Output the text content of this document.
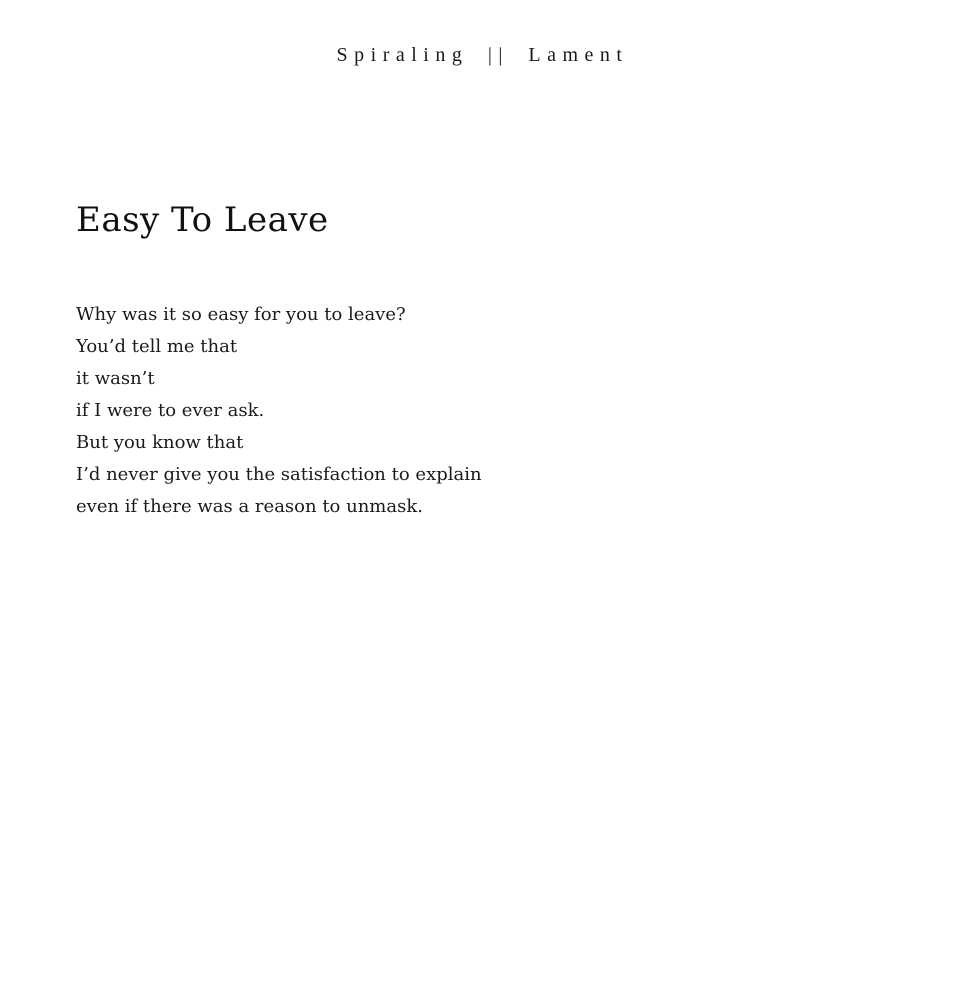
Spiraling || Lament
Easy To Leave
Why was it so easy for you to leave?
You’d tell me that
it wasn’t
if I were to ever ask.
But you know that
I’d never give you the satisfaction to explain
even if there was a reason to unmask.
